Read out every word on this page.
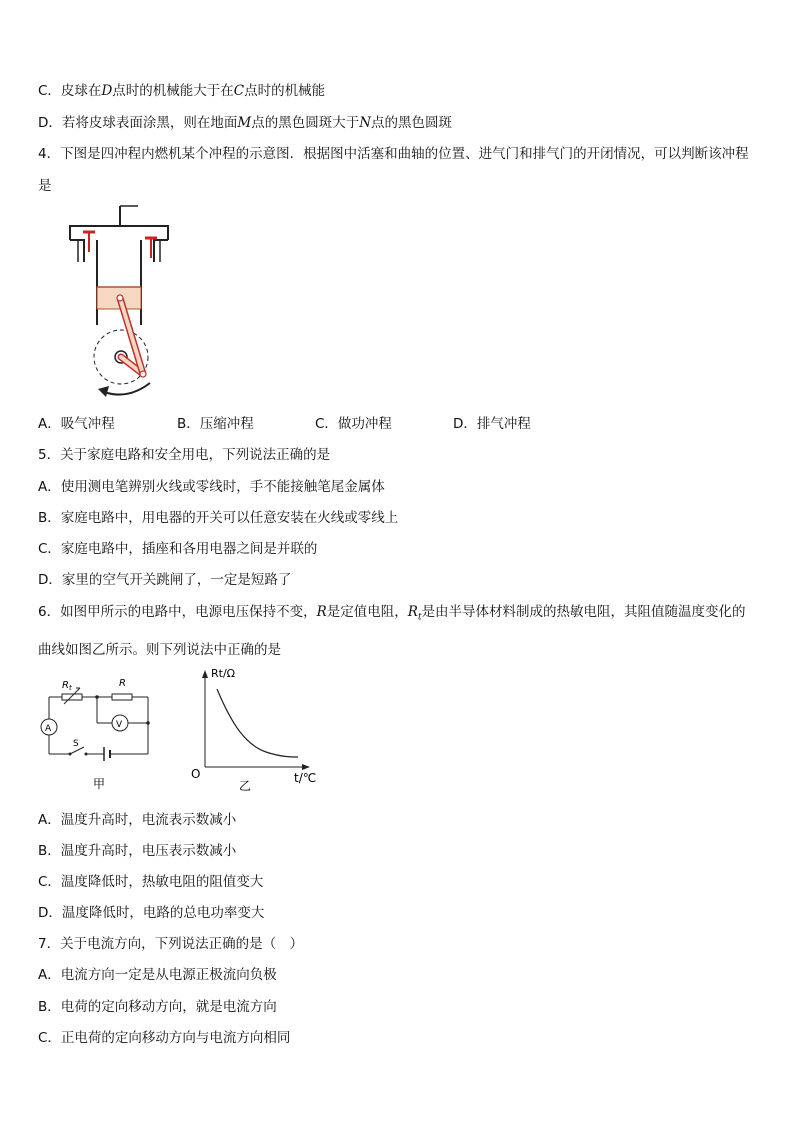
C．皮球在D点时的机械能大于在C点时的机械能
D．若将皮球表面涂黑，则在地面M点的黑色圆斑大于N点的黑色圆斑
4．下图是四冲程内燃机某个冲程的示意图．根据图中活塞和曲轴的位置、进气门和排气门的开闭情况，可以判断该冲程是
A．吸气冲程	B．压缩冲程	C．做功冲程	D．排气冲程
5．关于家庭电路和安全用电，下列说法正确的是
A．使用测电笔辨别火线或零线时，手不能接触笔尾金属体
B．家庭电路中，用电器的开关可以任意安装在火线或零线上
C．家庭电路中，插座和各用电器之间是并联的
D．家里的空气开关跳闸了，一定是短路了
6．如图甲所示的电路中，电源电压保持不变，R是定值电阻，$R_t$是由半导体材料制成的热敏电阻，其阻值随温度变化的曲线如图乙所示。则下列说法中正确的是
$R_t$	R
A	V
S
甲
Rt/Ω
t/℃
O
乙
A．温度升高时，电流表示数减小
B．温度升高时，电压表示数减小
C．温度降低时，热敏电阻的阻值变大
D．温度降低时，电路的总电功率变大
7．关于电流方向，下列说法正确的是（　）
A．电流方向一定是从电源正极流向负极
B．电荷的定向移动方向，就是电流方向
C．正电荷的定向移动方向与电流方向相同
